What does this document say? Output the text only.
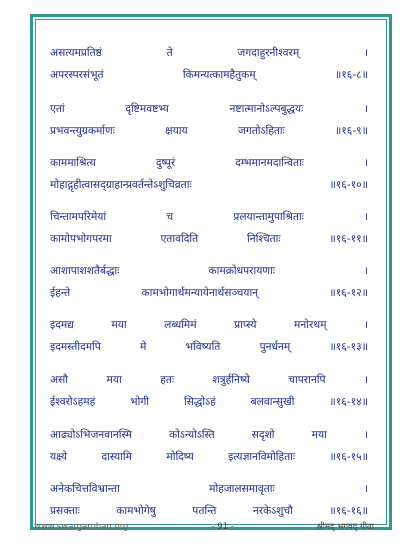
असत्यमप्रतिष्ठं	ते	जगदाहुरनीश्वरम्	।
अपरस्परसंभूतं	किमन्यत्कामहैतुकम्	॥१६-८॥
एतां	दृष्टिमवष्टभ्य	नष्टात्मानोऽल्पबुद्धयः	।
प्रभवन्त्युग्रकर्माणः	क्षयाय	जगतोऽहिताः	॥१६-९॥
काममाश्रित्य	दुष्पूरं	दम्भमानमदान्विताः	।
मोहाद्गृहीत्वासद्ग्राहान्प्रवर्तन्तेऽशुचिव्रताः	॥१६-१०॥
चिन्तामपरिमेयां	च	प्रलयान्तामुपाश्रिताः	।
कामोपभोगपरमा	एतावदिति	निश्चिताः	॥१६-११॥
आशापाशशतैर्बद्धाः	कामक्रोधपरायणाः	।
ईहन्ते	कामभोगार्थमन्यायेनार्थसञ्चयान्	॥१६-१२॥
इदमद्य	मया	लब्धमिमं	प्राप्स्ये	मनोरथम्	।
इदमस्तीदमपि	मे	भविष्यति	पुनर्धनम्	॥१६-१३॥
असौ	मया	हतः	शत्रुर्हनिष्ये	चापरानपि	।
ईश्वरोऽहमहं	भोगी	सिद्धोऽहं	बलवान्सुखी	॥१६-१४॥
आढ्योऽभिजनवानस्मि	कोऽन्योऽस्ति	सदृशो	मया	।
यक्ष्ये	दास्यामि	मोदिष्य	इत्यज्ञानविमोहिताः	॥१६-१५॥
अनेकचित्तविभ्रान्ता	मोहजालसमावृताः	।
प्रसक्ताः	कामभोगेषु	पतन्ति	नरकेऽशुचौ	॥१६-१६॥
www.swargarohan.org	- 91 -	श्रीमद् भगवद् गीता
